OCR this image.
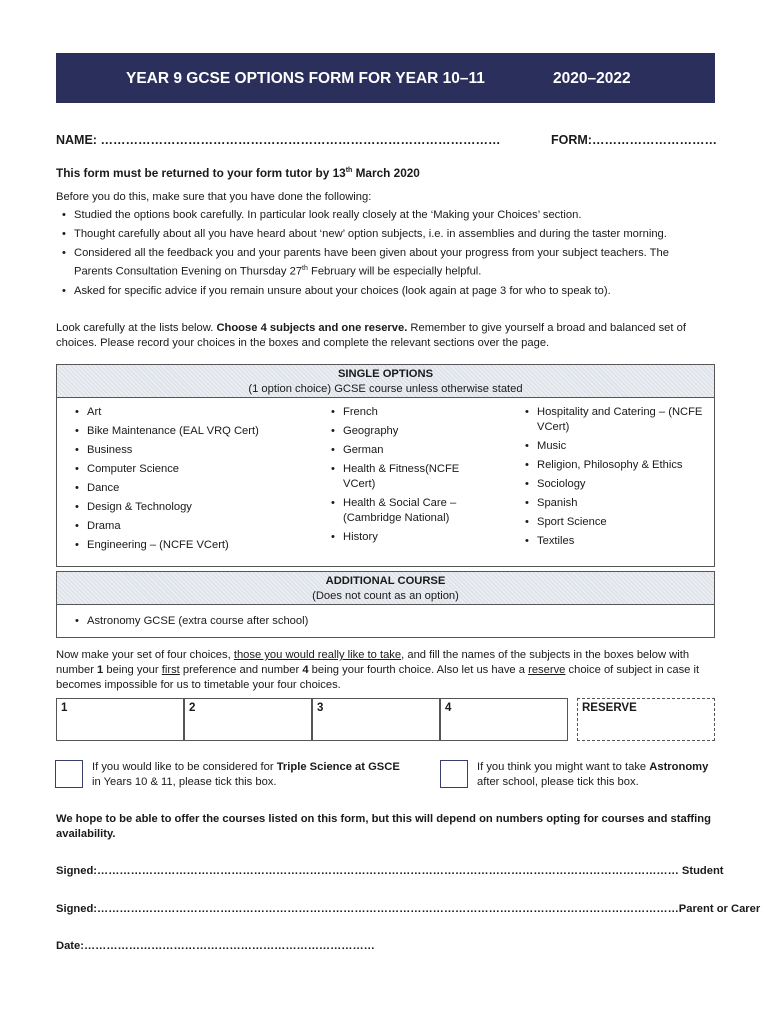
YEAR 9 GCSE OPTIONS FORM FOR YEAR 10–11	2020–2022
NAME: ……………………………………………………………………………………	FORM:…………………………
This form must be returned to your form tutor by 13th March 2020
Before you do this, make sure that you have done the following:
• Studied the options book carefully. In particular look really closely at the ‘Making your Choices’ section.
• Thought carefully about all you have heard about ‘new’ option subjects, i.e. in assemblies and during the taster morning.
• Considered all the feedback you and your parents have been given about your progress from your subject teachers. The Parents Consultation Evening on Thursday 27th February will be especially helpful.
• Asked for specific advice if you remain unsure about your choices (look again at page 3 for who to speak to).
Look carefully at the lists below. Choose 4 subjects and one reserve. Remember to give yourself a broad and balanced set of choices. Please record your choices in the boxes and complete the relevant sections over the page.
SINGLE OPTIONS
(1 option choice) GCSE course unless otherwise stated
• Art
• Bike Maintenance (EAL VRQ Cert)
• Business
• Computer Science
• Dance
• Design & Technology
• Drama
• Engineering – (NCFE VCert)
• French
• Geography
• German
• Health & Fitness(NCFE VCert)
• Health & Social Care – (Cambridge National)
• History
• Hospitality and Catering – (NCFE VCert)
• Music
• Religion, Philosophy & Ethics
• Sociology
• Spanish
• Sport Science
• Textiles
ADDITIONAL COURSE
(Does not count as an option)
• Astronomy GCSE (extra course after school)
Now make your set of four choices, those you would really like to take, and fill the names of the subjects in the boxes below with number 1 being your first preference and number 4 being your fourth choice. Also let us have a reserve choice of subject in case it becomes impossible for us to timetable your four choices.
1	2	3	4	RESERVE
If you would like to be considered for Triple Science at GSCE in Years 10 & 11, please tick this box.
If you think you might want to take Astronomy after school, please tick this box.
We hope to be able to offer the courses listed on this form, but this will depend on numbers opting for courses and staffing availability.
Signed:………………………………………………………………………………………………………………………………………… Student
Signed:…………………………………………………………………………………………………………………………………………Parent or Carer
Date:……………………………………………………………………
